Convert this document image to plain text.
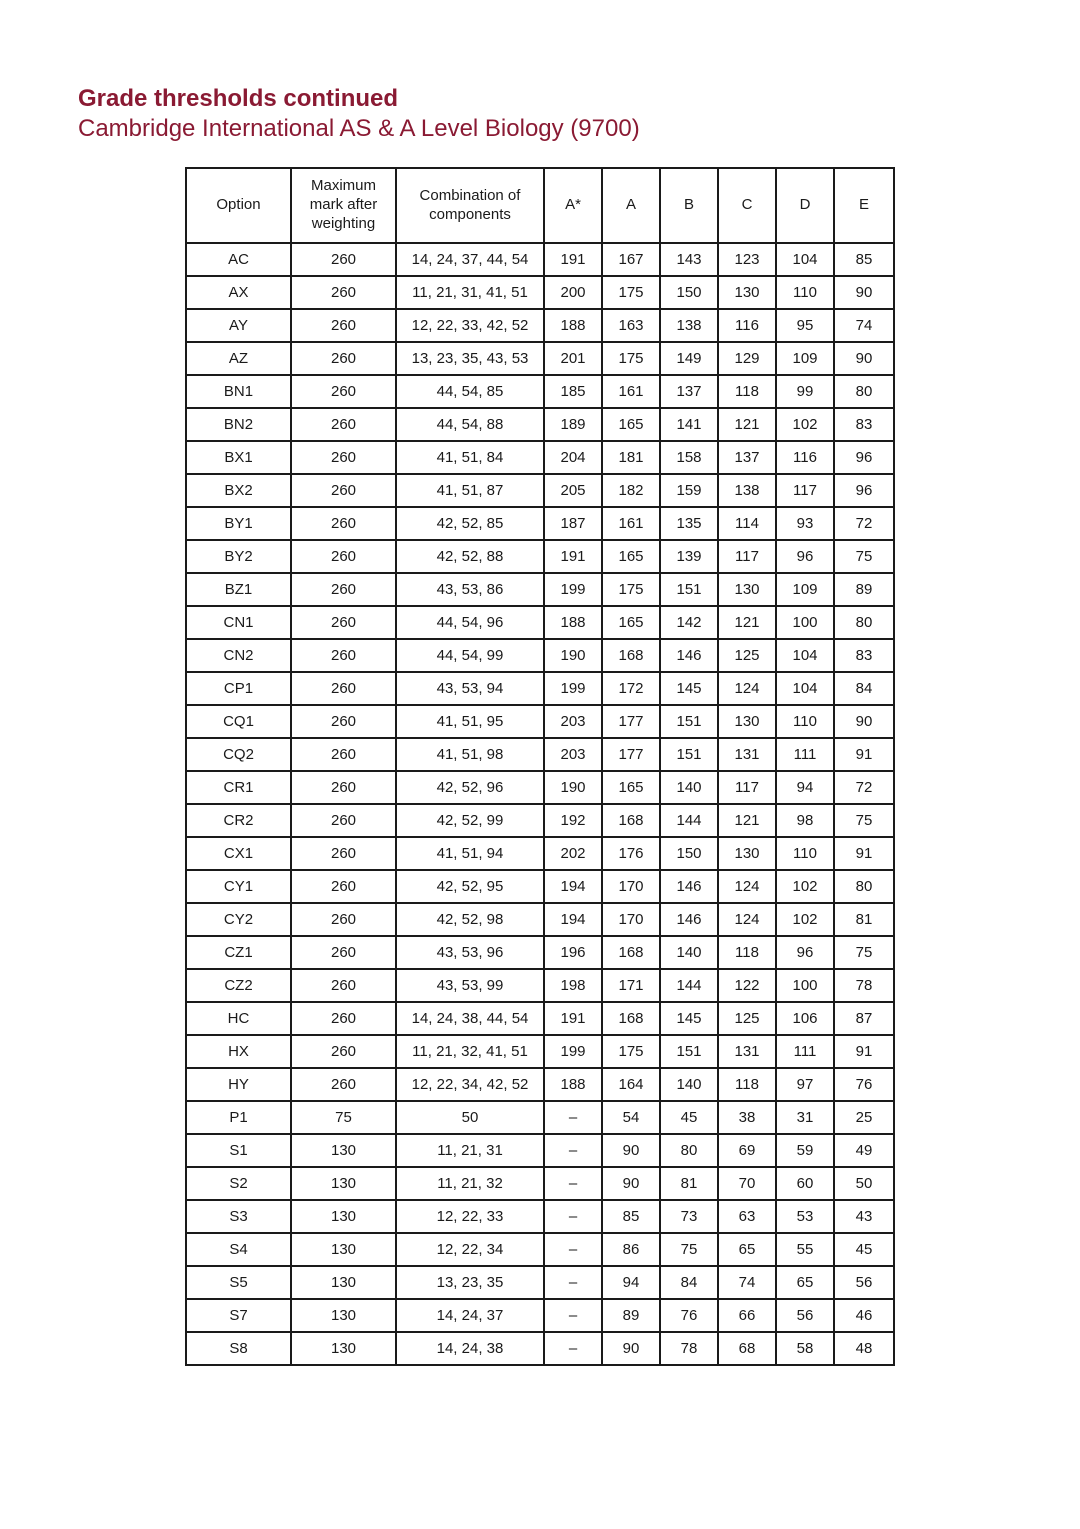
Grade thresholds continued
Cambridge International AS & A Level Biology (9700)
Option	Maximum mark after weighting	Combination of components	A*	A	B	C	D	E
AC	260	14, 24, 37, 44, 54	191	167	143	123	104	85
AX	260	11, 21, 31, 41, 51	200	175	150	130	110	90
AY	260	12, 22, 33, 42, 52	188	163	138	116	95	74
AZ	260	13, 23, 35, 43, 53	201	175	149	129	109	90
BN1	260	44, 54, 85	185	161	137	118	99	80
BN2	260	44, 54, 88	189	165	141	121	102	83
BX1	260	41, 51, 84	204	181	158	137	116	96
BX2	260	41, 51, 87	205	182	159	138	117	96
BY1	260	42, 52, 85	187	161	135	114	93	72
BY2	260	42, 52, 88	191	165	139	117	96	75
BZ1	260	43, 53, 86	199	175	151	130	109	89
CN1	260	44, 54, 96	188	165	142	121	100	80
CN2	260	44, 54, 99	190	168	146	125	104	83
CP1	260	43, 53, 94	199	172	145	124	104	84
CQ1	260	41, 51, 95	203	177	151	130	110	90
CQ2	260	41, 51, 98	203	177	151	131	111	91
CR1	260	42, 52, 96	190	165	140	117	94	72
CR2	260	42, 52, 99	192	168	144	121	98	75
CX1	260	41, 51, 94	202	176	150	130	110	91
CY1	260	42, 52, 95	194	170	146	124	102	80
CY2	260	42, 52, 98	194	170	146	124	102	81
CZ1	260	43, 53, 96	196	168	140	118	96	75
CZ2	260	43, 53, 99	198	171	144	122	100	78
HC	260	14, 24, 38, 44, 54	191	168	145	125	106	87
HX	260	11, 21, 32, 41, 51	199	175	151	131	111	91
HY	260	12, 22, 34, 42, 52	188	164	140	118	97	76
P1	75	50	–	54	45	38	31	25
S1	130	11, 21, 31	–	90	80	69	59	49
S2	130	11, 21, 32	–	90	81	70	60	50
S3	130	12, 22, 33	–	85	73	63	53	43
S4	130	12, 22, 34	–	86	75	65	55	45
S5	130	13, 23, 35	–	94	84	74	65	56
S7	130	14, 24, 37	–	89	76	66	56	46
S8	130	14, 24, 38	–	90	78	68	58	48
